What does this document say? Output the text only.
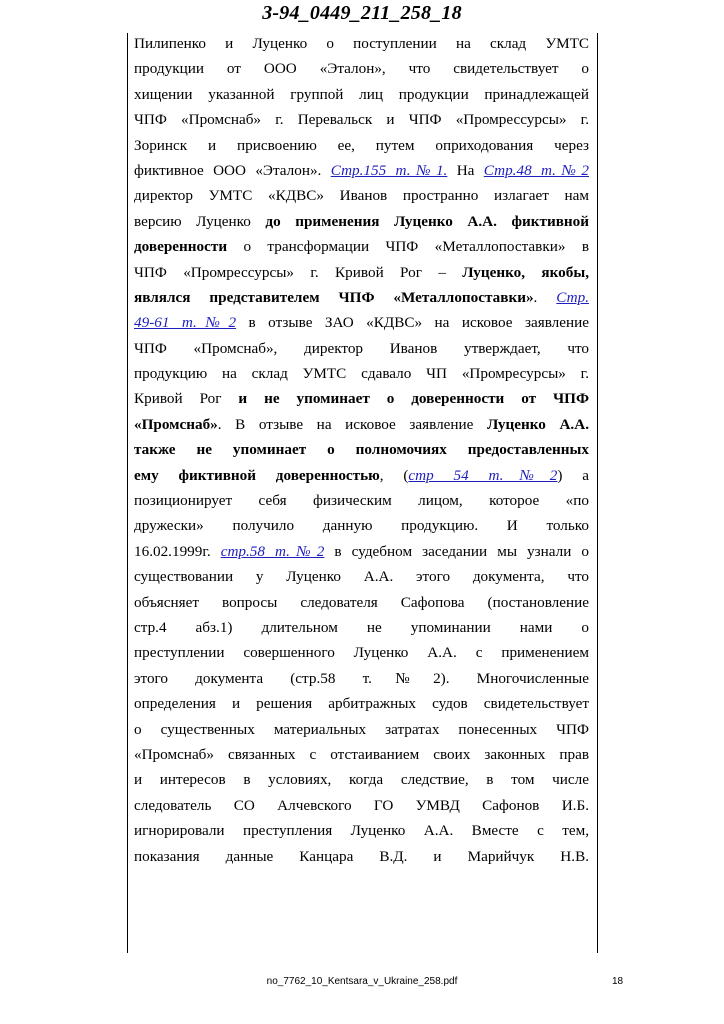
3-94_0449_211_258_18
Пилипенко и Луценко о поступлении на склад УМТС
продукции от ООО «Эталон», что свидетельствует о
хищении указанной группой лиц продукции принадлежащей
ЧПФ «Промснаб» г. Перевальск и ЧПФ «Промрессурсы» г.
Зоринск и присвоению ее, путем оприходования через
фиктивное ООО «Эталон». Стр.155 т.№1. На Стр.48 т.№2
директор УМТС «КДВС» Иванов пространно излагает нам
версию Луценко до применения Луценко А.А. фиктивной
доверенности о трансформации ЧПФ «Металлопоставки» в
ЧПФ «Промрессурсы» г. Кривой Рог – Луценко, якобы,
являлся представителем ЧПФ «Металлопоставки». Стр.
49-61 т.№2 в отзыве ЗАО «КДВС» на исковое заявление
ЧПФ «Промснаб», директор Иванов утверждает, что
продукцию на склад УМТС сдавало ЧП «Промресурсы» г.
Кривой Рог и не упоминает о доверенности от ЧПФ
«Промснаб». В отзыве на исковое заявление Луценко А.А.
также не упоминает о полномочиях предоставленных
ему фиктивной доверенностью, (стр 54 т.№2) а
позиционирует себя физическим лицом, которое «по
дружески» получило данную продукцию. И только
16.02.1999г. стр.58 т.№2 в судебном заседании мы узнали о
существовании у Луценко А.А. этого документа, что
объясняет вопросы следователя Сафопова (постановление
стр.4 абз.1) длительном не упоминании нами о
преступлении совершенного Луценко А.А. с применением
этого документа (стр.58 т.№2). Многочисленные
определения и решения арбитражных судов свидетельствует
о существенных материальных затратах понесенных ЧПФ
«Промснаб» связанных с отстаиванием своих законных прав
и интересов в условиях, когда следствие, в том числе
следователь СО Алчевского ГО УМВД Сафонов И.Б.
игнорировали преступления Луценко А.А. Вместе с тем,
показания данные Канцара В.Д. и Марийчук Н.В.
no_7762_10_Kentsara_v_Ukraine_258.pdf	18
